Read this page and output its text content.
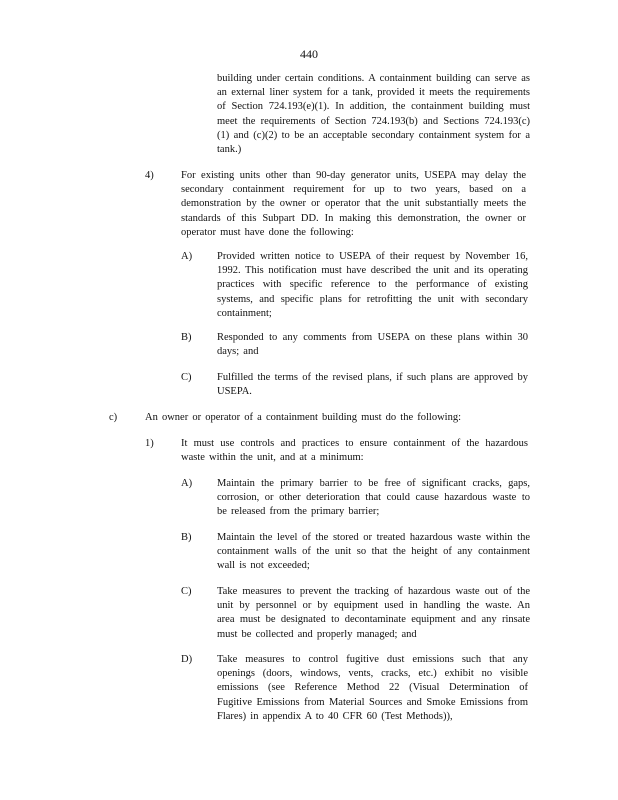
440
building under certain conditions. A containment building can serve as an external liner system for a tank, provided it meets the requirements of Section 724.193(e)(1). In addition, the containment building must meet the requirements of Section 724.193(b) and Sections 724.193(c)(1) and (c)(2) to be an acceptable secondary containment system for a tank.)
4)	For existing units other than 90-day generator units, USEPA may delay the secondary containment requirement for up to two years, based on a demonstration by the owner or operator that the unit substantially meets the standards of this Subpart DD. In making this demonstration, the owner or operator must have done the following:
A) Provided written notice to USEPA of their request by November 16, 1992. This notification must have described the unit and its operating practices with specific reference to the performance of existing systems, and specific plans for retrofitting the unit with secondary containment;
B) Responded to any comments from USEPA on these plans within 30 days; and
C) Fulfilled the terms of the revised plans, if such plans are approved by USEPA.
c)	An owner or operator of a containment building must do the following:
1)	It must use controls and practices to ensure containment of the hazardous waste within the unit, and at a minimum:
A) Maintain the primary barrier to be free of significant cracks, gaps, corrosion, or other deterioration that could cause hazardous waste to be released from the primary barrier;
B) Maintain the level of the stored or treated hazardous waste within the containment walls of the unit so that the height of any containment wall is not exceeded;
C) Take measures to prevent the tracking of hazardous waste out of the unit by personnel or by equipment used in handling the waste. An area must be designated to decontaminate equipment and any rinsate must be collected and properly managed; and
D) Take measures to control fugitive dust emissions such that any openings (doors, windows, vents, cracks, etc.) exhibit no visible emissions (see Reference Method 22 (Visual Determination of Fugitive Emissions from Material Sources and Smoke Emissions from Flares) in appendix A to 40 CFR 60 (Test Methods)),
